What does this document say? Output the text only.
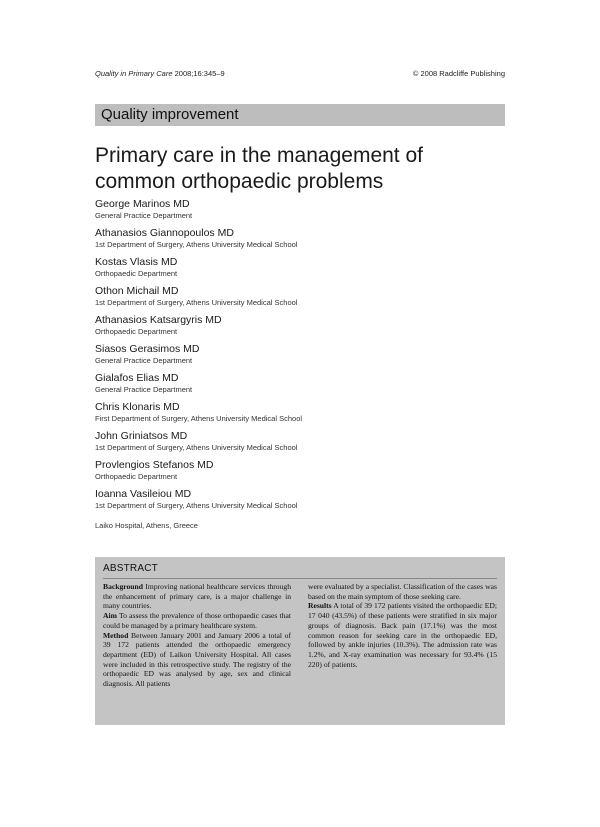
Quality in Primary Care 2008;16:345–9	© 2008 Radcliffe Publishing
Quality improvement
Primary care in the management of common orthopaedic problems
George Marinos MD
General Practice Department
Athanasios Giannopoulos MD
1st Department of Surgery, Athens University Medical School
Kostas Vlasis MD
Orthopaedic Department
Othon Michail MD
1st Department of Surgery, Athens University Medical School
Athanasios Katsargyris MD
Orthopaedic Department
Siasos Gerasimos MD
General Practice Department
Gialafos Elias MD
General Practice Department
Chris Klonaris MD
First Department of Surgery, Athens University Medical School
John Griniatsos MD
1st Department of Surgery, Athens University Medical School
Provlengios Stefanos MD
Orthopaedic Department
Ioanna Vasileiou MD
1st Department of Surgery, Athens University Medical School
Laiko Hospital, Athens, Greece
ABSTRACT

Background Improving national healthcare services through the enhancement of primary care, is a major challenge in many countries.

Aim To assess the prevalence of those orthopaedic cases that could be managed by a primary healthcare system.

Method Between January 2001 and January 2006 a total of 39 172 patients attended the orthopaedic emergency department (ED) of Laikon University Hospital. All cases were included in this retrospective study. The registry of the orthopaedic ED was analysed by age, sex and clinical diagnosis. All patients

were evaluated by a specialist. Classification of the cases was based on the main symptom of those seeking care.

Results A total of 39 172 patients visited the orthopaedic ED; 17 040 (43.5%) of these patients were stratified in six major groups of diagnosis. Back pain (17.1%) was the most common reason for seeking care in the orthopaedic ED, followed by ankle injuries (10.3%). The admission rate was 1.2%, and X-ray examination was necessary for 93.4% (15 220) of patients.
